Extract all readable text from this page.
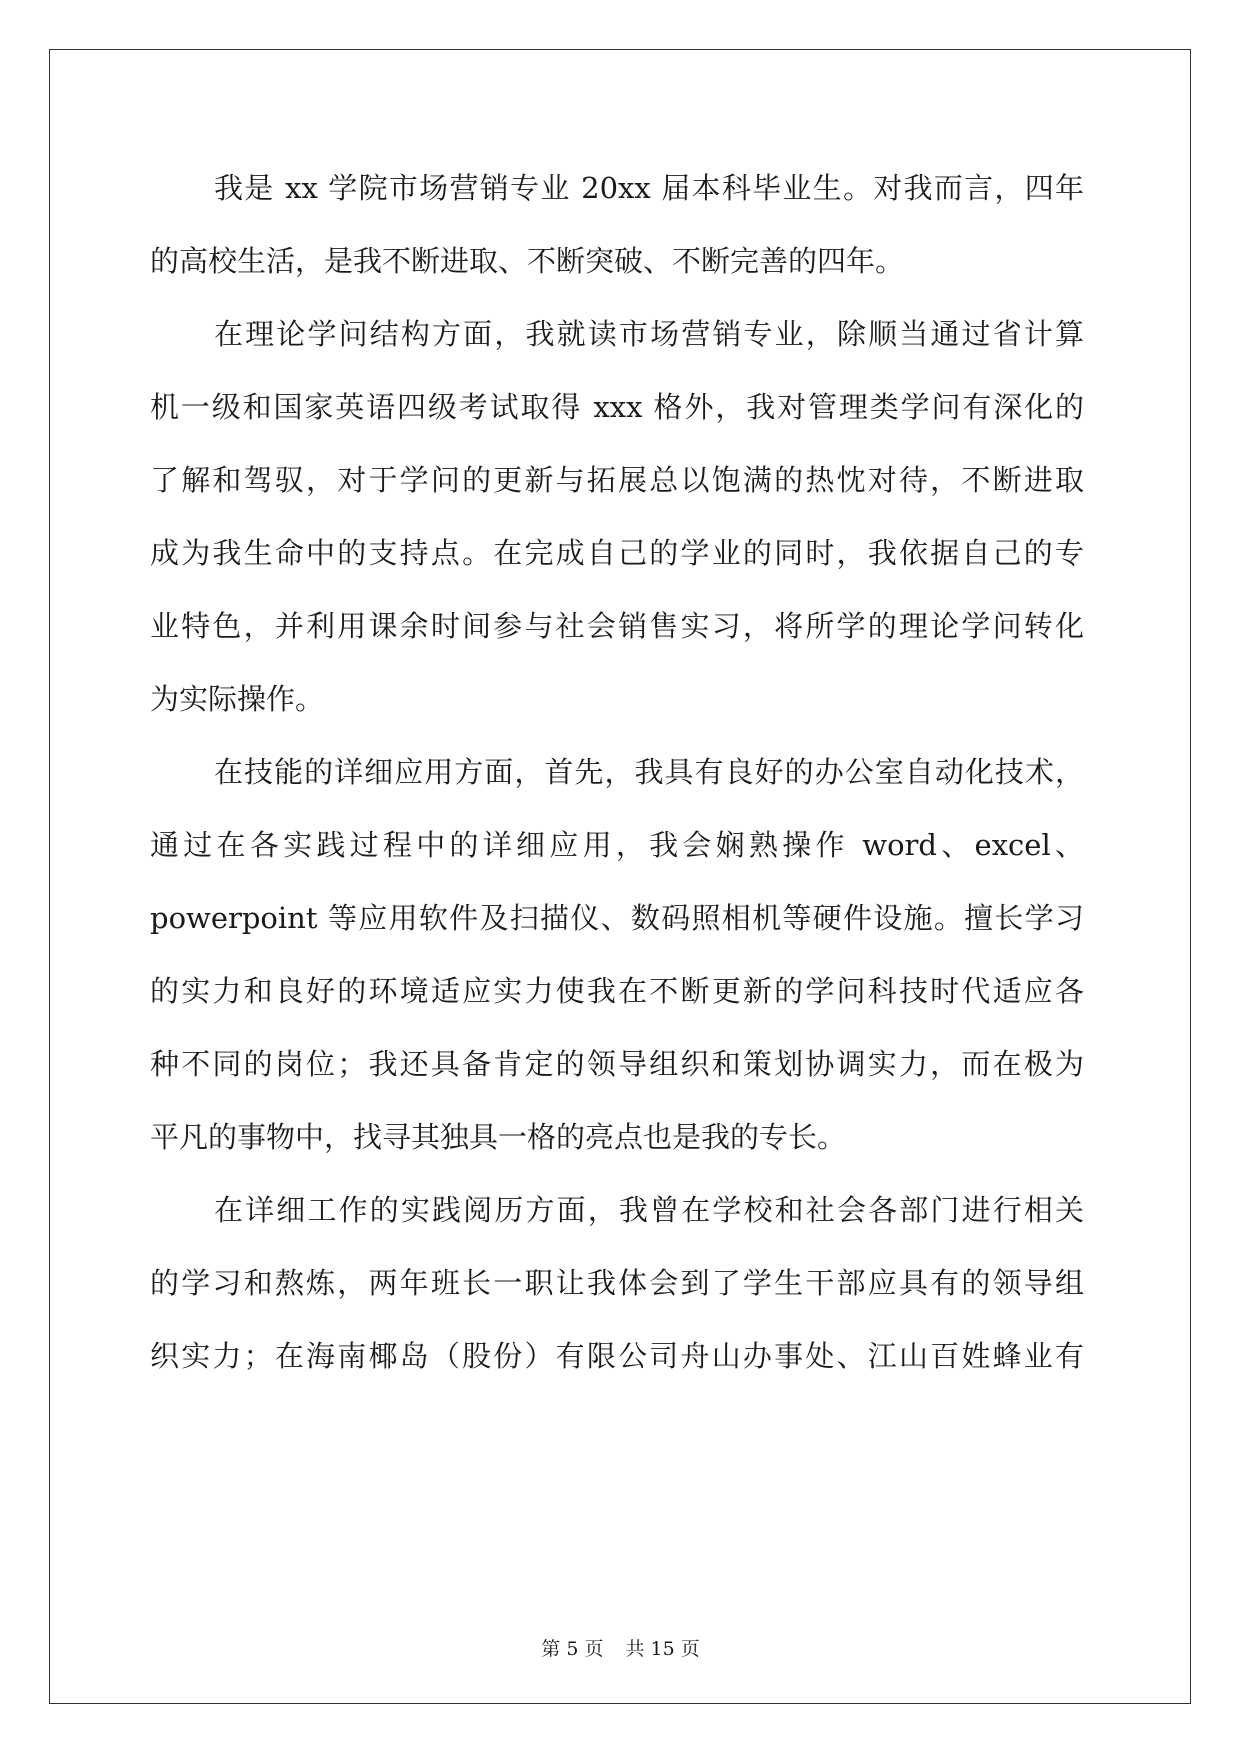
我是 xx 学院市场营销专业 20xx 届本科毕业生。对我而言，四年
的高校生活，是我不断进取、不断突破、不断完善的四年。
在理论学问结构方面，我就读市场营销专业，除顺当通过省计算
机一级和国家英语四级考试取得 xxx 格外，我对管理类学问有深化的
了解和驾驭，对于学问的更新与拓展总以饱满的热忱对待，不断进取
成为我生命中的支持点。在完成自己的学业的同时，我依据自己的专
业特色，并利用课余时间参与社会销售实习，将所学的理论学问转化
为实际操作。
在技能的详细应用方面，首先，我具有良好的办公室自动化技术，
通过在各实践过程中的详细应用，我会娴熟操作 word、excel、
powerpoint 等应用软件及扫描仪、数码照相机等硬件设施。擅长学习
的实力和良好的环境适应实力使我在不断更新的学问科技时代适应各
种不同的岗位；我还具备肯定的领导组织和策划协调实力，而在极为
平凡的事物中，找寻其独具一格的亮点也是我的专长。
在详细工作的实践阅历方面，我曾在学校和社会各部门进行相关
的学习和熬炼，两年班长一职让我体会到了学生干部应具有的领导组
织实力；在海南椰岛（股份）有限公司舟山办事处、江山百姓蜂业有
第 5 页 共 15 页
